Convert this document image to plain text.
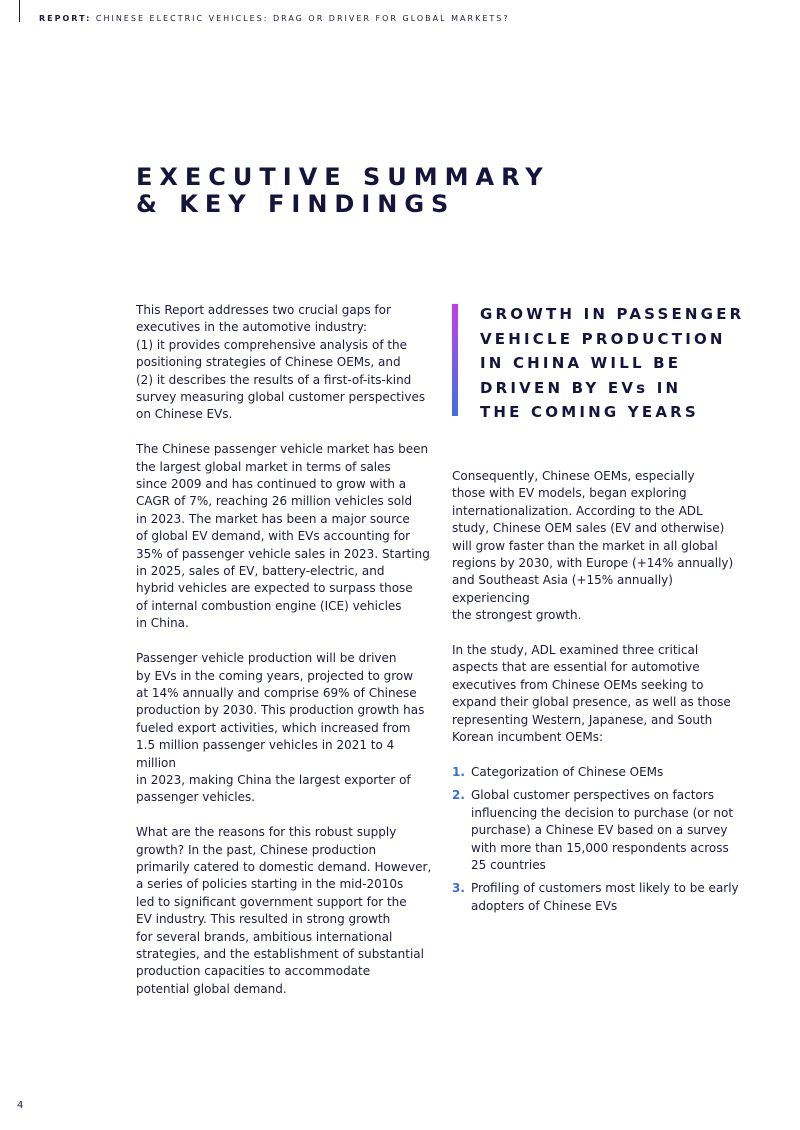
REPORT: CHINESE ELECTRIC VEHICLES: DRAG OR DRIVER FOR GLOBAL MARKETS?
EXECUTIVE SUMMARY
& KEY FINDINGS

This Report addresses two crucial gaps for
executives in the automotive industry:
(1) it provides comprehensive analysis of the
positioning strategies of Chinese OEMs, and
(2) it describes the results of a first-of-its-kind
survey measuring global customer perspectives
on Chinese EVs.

The Chinese passenger vehicle market has been
the largest global market in terms of sales
since 2009 and has continued to grow with a
CAGR of 7%, reaching 26 million vehicles sold
in 2023. The market has been a major source
of global EV demand, with EVs accounting for
35% of passenger vehicle sales in 2023. Starting
in 2025, sales of EV, battery-electric, and
hybrid vehicles are expected to surpass those
of internal combustion engine (ICE) vehicles
in China.

Passenger vehicle production will be driven
by EVs in the coming years, projected to grow
at 14% annually and comprise 69% of Chinese
production by 2030. This production growth has
fueled export activities, which increased from
1.5 million passenger vehicles in 2021 to 4 million
in 2023, making China the largest exporter of
passenger vehicles.

What are the reasons for this robust supply
growth? In the past, Chinese production
primarily catered to domestic demand. However,
a series of policies starting in the mid-2010s
led to significant government support for the
EV industry. This resulted in strong growth
for several brands, ambitious international
strategies, and the establishment of substantial
production capacities to accommodate
potential global demand.

GROWTH IN PASSENGER
VEHICLE PRODUCTION
IN CHINA WILL BE
DRIVEN BY EVs IN
THE COMING YEARS

Consequently, Chinese OEMs, especially
those with EV models, began exploring
internationalization. According to the ADL
study, Chinese OEM sales (EV and otherwise)
will grow faster than the market in all global
regions by 2030, with Europe (+14% annually)
and Southeast Asia (+15% annually) experiencing
the strongest growth.

In the study, ADL examined three critical
aspects that are essential for automotive
executives from Chinese OEMs seeking to
expand their global presence, as well as those
representing Western, Japanese, and South
Korean incumbent OEMs:

1. Categorization of Chinese OEMs
2. Global customer perspectives on factors
influencing the decision to purchase (or not
purchase) a Chinese EV based on a survey
with more than 15,000 respondents across
25 countries
3. Profiling of customers most likely to be early
adopters of Chinese EVs
4
